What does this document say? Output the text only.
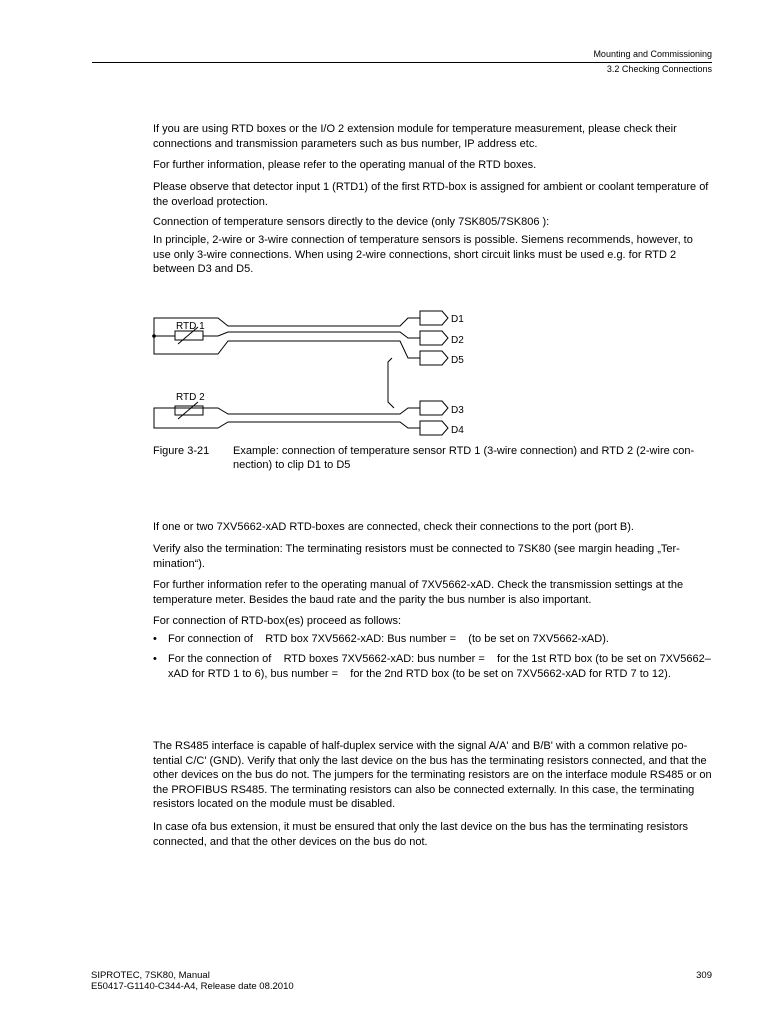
Mounting and Commissioning
3.2 Checking Connections
If you are using RTD boxes or the I/O 2 extension module for temperature measurement, please check their connections and transmission parameters such as bus number, IP address etc.
For further information, please refer to the operating manual of the RTD boxes.
Please observe that detector input 1 (RTD1) of the first RTD-box is assigned for ambient or coolant temperature of the overload protection.
Connection of temperature sensors directly to the device (only 7SK805/7SK806 ):
In principle, 2-wire or 3-wire connection of temperature sensors is possible. Siemens recommends, however, to use only 3-wire connections. When using 2-wire connections, short circuit links must be used e.g. for RTD 2 between D3 and D5.
RTD 1
RTD 2
D1
D2
D5
D3
D4
Figure 3-21 Example: connection of temperature sensor RTD 1 (3-wire connection) and RTD 2 (2-wire con- nection) to clip D1 to D5
If one or two 7XV5662-xAD RTD-boxes are connected, check their connections to the port (port B).
Verify also the termination: The terminating resistors must be connected to 7SK80 (see margin heading „Ter- mination“).
For further information refer to the operating manual of 7XV5662-xAD. Check the transmission settings at the temperature meter. Besides the baud rate and the parity the bus number is also important.
For connection of RTD-box(es) proceed as follows:
• For connection of    RTD box 7XV5662-xAD: Bus number =    (to be set on 7XV5662-xAD).
• For the connection of    RTD boxes 7XV5662-xAD: bus number =    for the 1st RTD box (to be set on 7XV5662–xAD for RTD 1 to 6), bus number =    for the 2nd RTD box (to be set on 7XV5662-xAD for RTD 7 to 12).
The RS485 interface is capable of half-duplex service with the signal A/A' and B/B' with a common relative po- tential C/C' (GND). Verify that only the last device on the bus has the terminating resistors connected, and that the other devices on the bus do not. The jumpers for the terminating resistors are on the interface module RS485 or on the PROFIBUS RS485. The terminating resistors can also be connected externally. In this case, the terminating resistors located on the module must be disabled.
In case ofa bus extension, it must be ensured that only the last device on the bus has the terminating resistors connected, and that the other devices on the bus do not.
SIPROTEC, 7SK80, Manual
E50417-G1140-C344-A4, Release date 08.2010
309
